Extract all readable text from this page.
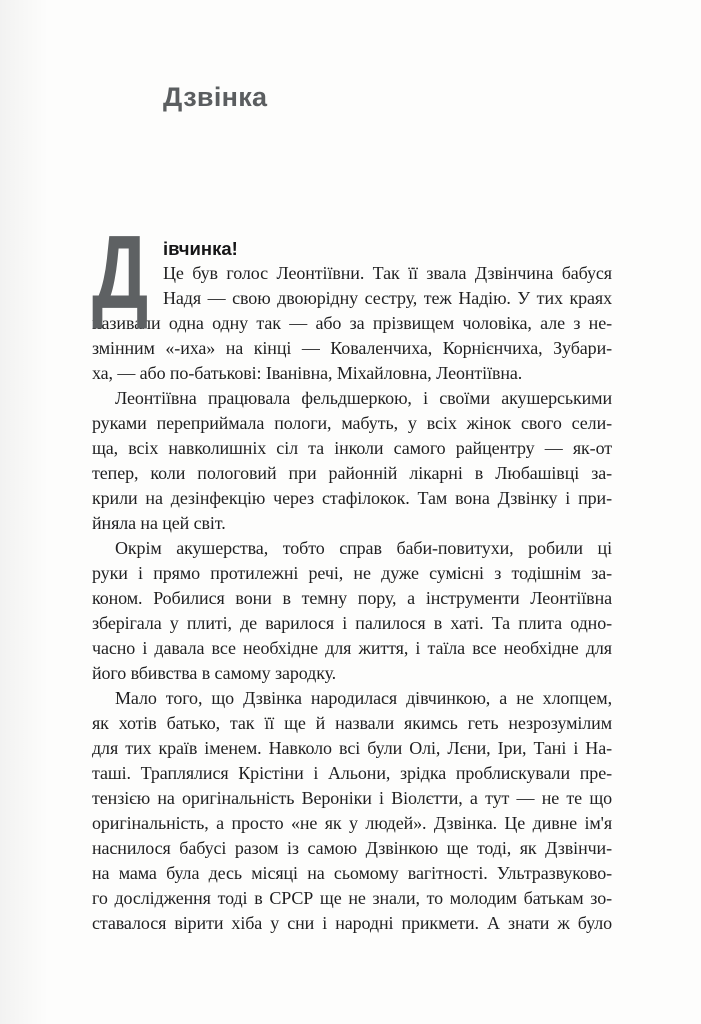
Дзвінка
Д івчинка!
Це був голос Леонтіївни. Так її звала Дзвінчина бабуся
Надя — свою двоюрідну сестру, теж Надію. У тих краях
називали одна одну так — або за прізвищем чоловіка, але з не-
змінним «-иха» на кінці — Коваленчиха, Корнієнчиха, Зубари-
ха, — або по-батькові: Іванівна, Міхайловна, Леонтіївна.
Леонтіївна працювала фельдшеркою, і своїми акушерськими
руками переприймала пологи, мабуть, у всіх жінок свого сели-
ща, всіх навколишніх сіл та інколи самого райцентру — як-от
тепер, коли пологовий при районній лікарні в Любашівці за-
крили на дезінфекцію через стафілокок. Там вона Дзвінку і при-
йняла на цей світ.
Окрім акушерства, тобто справ баби-повитухи, робили ці
руки і прямо протилежні речі, не дуже сумісні з тодішнім за-
коном. Робилися вони в темну пору, а інструменти Леонтіївна
зберігала у плиті, де варилося і палилося в хаті. Та плита одно-
часно і давала все необхідне для життя, і таїла все необхідне для
його вбивства в самому зародку.
Мало того, що Дзвінка народилася дівчинкою, а не хлопцем,
як хотів батько, так її ще й назвали якимсь геть незрозумілим
для тих країв іменем. Навколо всі були Олі, Лєни, Іри, Тані і На-
таші. Траплялися Крістіни і Альони, зрідка проблискували пре-
тензією на оригінальність Вероніки і Віолєтти, а тут — не те що
оригінальність, а просто «не як у людей». Дзвінка. Це дивне ім'я
наснилося бабусі разом із самою Дзвінкою ще тоді, як Дзвінчи-
на мама була десь місяці на сьомому вагітності. Ультразвуково-
го дослідження тоді в СРСР ще не знали, то молодим батькам зо-
ставалося вірити хіба у сни і народні прикмети. А знати ж було
